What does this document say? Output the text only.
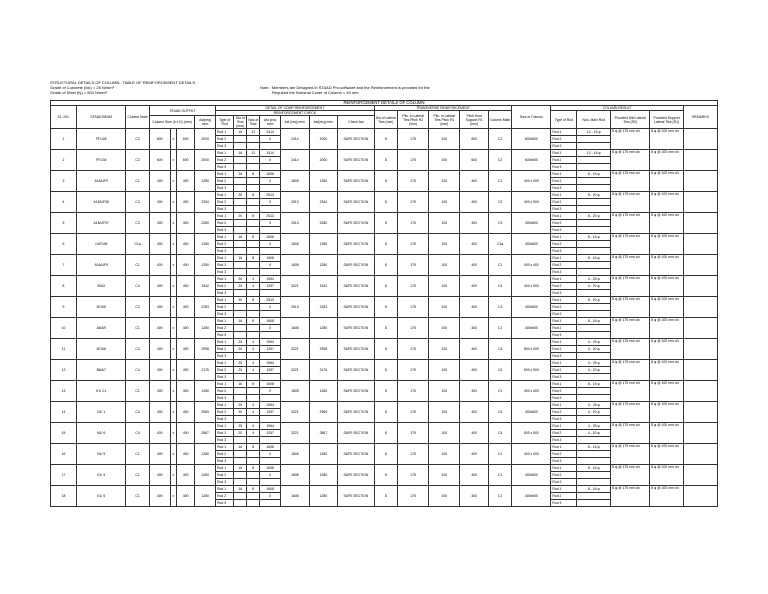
STRUCTURAL DETAILS OF COLUMN : TABLE OF REINFORCEMENT DETAILS
Grade of Concrete (fck) = 25 N/mm²
Grade of Steel (fy) = 500 N/mm²
Note : Members are Designed in STAAD Pro.software and the Reinforcement is provided for the
Required the Nominal Cover of Column = 40 mm
REINFORCEMENT DETAILS OF COLUMN																								
SL. NO.	STAAD BEAM	Column Mark	STAAD OUTPUT				DETAIL OF COMP REINFORCEMENT							TRANSVERSE REINFORCEMENT					Size of Column	COLUMN RESULT				REMARKS
							REINFORCEMENT CHECK							Dia of Lateral Ties (mm)	Pitc. in Lateral Ties Pitch R2 (mm)	Pitc. in Lateral Ties Pitch R1 (mm)	Pitch from Support R1 (mm)	Column Mark		Type of Rod	Nos. Main Rod	Provided Mid Lateral Ties (R2)	Provided Support Lateral Ties (R1)	
			Column Size (b x D) (mm)			Ast(req) mm²	Type of Rod	Dia of Rod (mm)	Nos of Rod	Ast prov mm²	Ast (req) mm²	Ast(req) mm²	Check Ast											
1	FF1/28	C2	600	x	600	2000	Rod 1	16	12	2414	2414	2000	SAFE SECTION	8	175	100	600	C2	600x600	Rod 1	12 - 16 φ	8 φ @ 175 mm c/c	8 φ @ 100 mm c/c	
							Rod 2			0										Rod 2				
							Rod 3													Rod 3				
2	FF1/34	C2	600	x	600	2000	Rod 1	16	12	2414	2414	2000	SAFE SECTION	8	175	100	600	C2	600x600	Rod 1	12 - 16 φ	8 φ @ 175 mm c/c	8 φ @ 100 mm c/c	
							Rod 2			0										Rod 2				
							Rod 3													Rod 3				
3	A16/UF9	C1	400	x	400	1280	Rod 1	16	8	1608	1608	1280	SAFE SECTION	8	175	100	400	C1	400 x 400	Rod 1	8 - 16 φ	8 φ @ 175 mm c/c	8 φ @ 100 mm c/c	
							Rod 2			0										Rod 2				
							Rod 3													Rod 3				
4	A16/UF08	C3	400	x	400	2334	Rod 1	20	8	2513	2513	2334	SAFE SECTION	8	175	100	400	C3	400 x 500	Rod 1	8 - 20 φ	8 φ @ 175 mm c/c	8 φ @ 100 mm c/c	
							Rod 2			0										Rod 2				
							Rod 3													Rod 3				
5	A16/UF07	C3	400	x	400	2280	Rod 1	20	8	2513	2513	2280	SAFE SECTION	8	175	100	400	C3	400x600	Rod 1	8 - 20 φ	8 φ @ 175 mm c/c	8 φ @ 100 mm c/c	
							Rod 2			0										Rod 2				
							Rod 3													Rod 3				
6	1/UF/A8	C1a	400	x	400	1280	Rod 1	16	8	1608	1608	1280	SAFE SECTION	8	175	100	400	C1a	400x600	Rod 1	8 - 16 φ	8 φ @ 175 mm c/c	8 φ @ 100 mm c/c	
							Rod 2			0										Rod 2				
							Rod 3													Rod 3				
7	A16/UF5	C1	400	x	400	1280	Rod 1	16	8	1608	1608	1280	SAFE SECTION	8	175	100	400	C1	400 x 400	Rod 1	8 - 16 φ	8 φ @ 175 mm c/c	8 φ @ 100 mm c/c	
							Rod 2			0										Rod 2				
							Rod 3													Rod 3				
8	B/A3	C4	400	x	400	1942	Rod 1	20	4	1964	3221	1942	SAFE SECTION	8	175	100	400	C4	400 x 500	Rod 1	4 - 25 φ	8 φ @ 175 mm c/c	8 φ @ 100 mm c/c	
							Rod 2	20	4	1257										Rod 2	4 - 20 φ			
							Rod 3													Rod 3				
9	B7/A5	C3	400	x	400	2283	Rod 1	20	8	2513	2513	2283	SAFE SECTION	8	175	100	400	C3	400x600	Rod 1	8 - 20 φ	8 φ @ 175 mm c/c	8 φ @ 100 mm c/c	
							Rod 2			0										Rod 2				
							Rod 3													Rod 3				
10	A8/A9	C1	400	x	400	1280	Rod 1	16	8	1608	1608	1280	SAFE SECTION	8	175	100	400	C1	400x600	Rod 1	8 - 16 φ	8 φ @ 175 mm c/c	8 φ @ 100 mm c/c	
							Rod 2			0										Rod 2				
							Rod 3													Rod 3				
11	B7/A8	C4	400	x	400	2998	Rod 1	25	4	1964	3221	2998	SAFE SECTION	8	175	100	400	C4	500 x 500	Rod 1	4 - 25 φ	8 φ @ 175 mm c/c	8 φ @ 100 mm c/c	
							Rod 2	20	4	1257										Rod 2	4 - 20 φ			
							Rod 3													Rod 3				
12	B6/A7	C4	400	x	400	2176	Rod 1	25	4	1964	3221	2176	SAFE SECTION	8	175	100	400	C4	500 x 500	Rod 1	4 - 25 φ	8 φ @ 175 mm c/c	8 φ @ 100 mm c/c	
							Rod 2	20	4	1257										Rod 2	4 - 20 φ			
							Rod 3													Rod 3				
13	K1/ C1	C1	400	x	400	1280	Rod 1	16	8	1608	1608	1280	SAFE SECTION	8	175	100	400	C1	400 x 400	Rod 1	8 - 16 φ	8 φ @ 175 mm c/c	8 φ @ 100 mm c/c	
							Rod 2			0										Rod 2				
							Rod 3													Rod 3				
14	N1/ 1	C4	400	x	400	2969	Rod 1	25	4	1964	3221	2969	SAFE SECTION	8	175	100	400	C4	400x600	Rod 1	4 - 25 φ	8 φ @ 175 mm c/c	8 φ @ 100 mm c/c	
							Rod 2	20	4	1257										Rod 2	4 - 20 φ			
							Rod 3													Rod 3				
15	M1/ 6	C4	400	x	400	2867	Rod 1	25	4	1964	3221	2867	SAFE SECTION	8	175	100	400	C4	500 x 500	Rod 1	4 - 25 φ	8 φ @ 175 mm c/c	8 φ @ 100 mm c/c	
							Rod 2	20	4	1257										Rod 2	4 - 20 φ			
							Rod 3													Rod 3				
16	N1/ 5	C1	400	x	400	1280	Rod 1	16	8	1608	1608	1280	SAFE SECTION	8	175	100	400	C1	400 x 400	Rod 1	8 - 16 φ	8 φ @ 175 mm c/c	8 φ @ 100 mm c/c	
							Rod 2			0										Rod 2				
							Rod 3													Rod 3				
17	K1/ 4	C1	400	x	400	1280	Rod 1	16	8	1608	1608	1280	SAFE SECTION	8	175	100	400	C1	400x600	Rod 1	8 - 16 φ	8 φ @ 175 mm c/c	8 φ @ 100 mm c/c	
							Rod 2			0										Rod 2				
							Rod 3													Rod 3				
18	K1/ 5	C1	400	x	400	1280	Rod 1	16	8	1608	1608	1280	SAFE SECTION	8	175	100	400	C1	400x600	Rod 1	8 - 16 φ	8 φ @ 175 mm c/c	8 φ @ 100 mm c/c	
							Rod 2			0										Rod 2				
							Rod 3													Rod 3				
